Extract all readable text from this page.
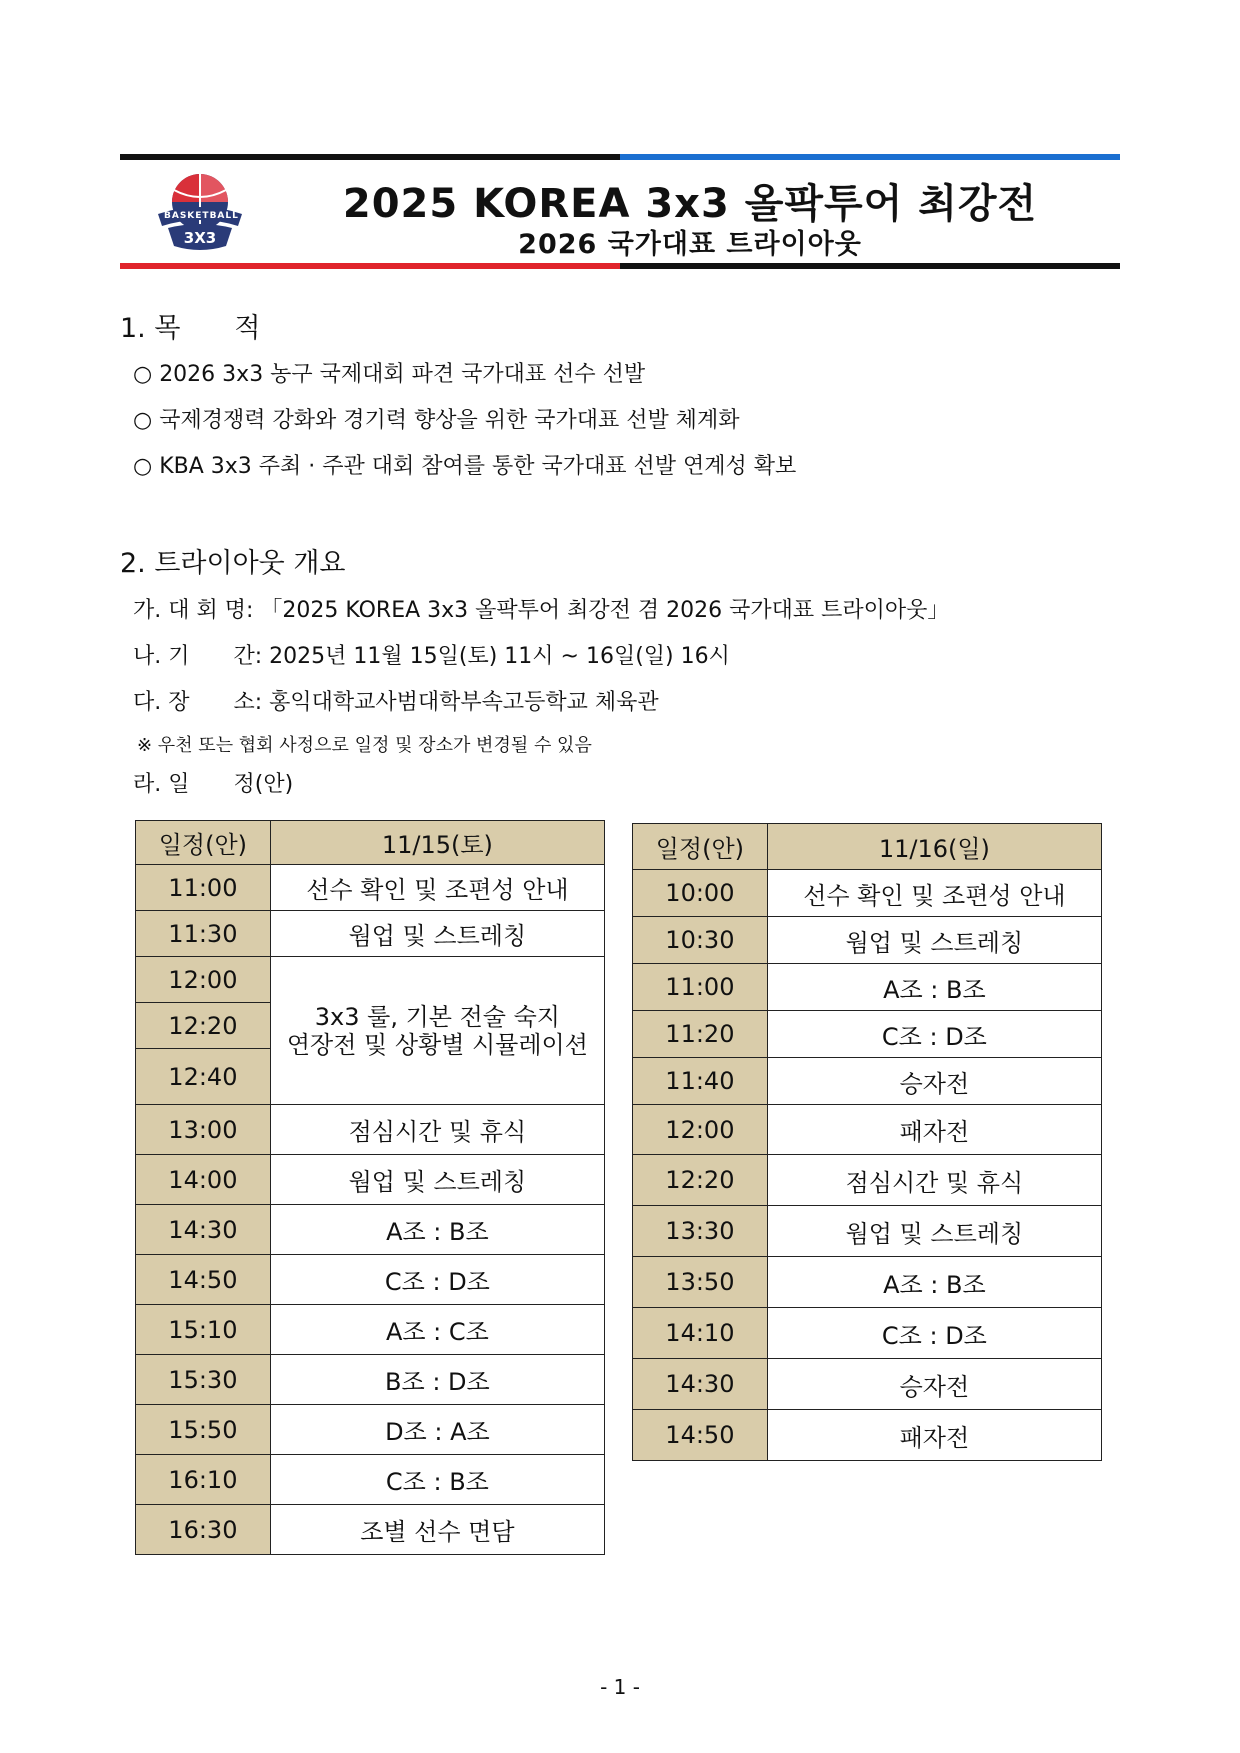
BASKETBALL
3X3
2025 KOREA 3x3 올팍투어 최강전
2026 국가대표 트라이아웃
1. 목　　적
○ 2026 3x3 농구 국제대회 파견 국가대표 선수 선발
○ 국제경쟁력 강화와 경기력 향상을 위한 국가대표 선발 체계화
○ KBA 3x3 주최 · 주관 대회 참여를 통한 국가대표 선발 연계성 확보
2. 트라이아웃 개요
가. 대 회 명: 「2025 KOREA 3x3 올팍투어 최강전 겸 2026 국가대표 트라이아웃」
나. 기　　간: 2025년 11월 15일(토) 11시 ~ 16일(일) 16시
다. 장　　소: 홍익대학교사범대학부속고등학교 체육관
※ 우천 또는 협회 사정으로 일정 및 장소가 변경될 수 있음
라. 일　　정(안)
일정(안)	11/15(토)
11:00	선수 확인 및 조편성 안내
11:30	웜업 및 스트레칭
12:00	3x3 룰, 기본 전술 숙지
연장전 및 상황별 시뮬레이션

12:20	
12:40	
13:00	점심시간 및 휴식
14:00	웜업 및 스트레칭
14:30	A조 : B조
14:50	C조 : D조
15:10	A조 : C조
15:30	B조 : D조
15:50	D조 : A조
16:10	C조 : B조
16:30	조별 선수 면담
일정(안)	11/16(일)
10:00	선수 확인 및 조편성 안내
10:30	웜업 및 스트레칭
11:00	A조 : B조
11:20	C조 : D조
11:40	승자전
12:00	패자전
12:20	점심시간 및 휴식
13:30	웜업 및 스트레칭
13:50	A조 : B조
14:10	C조 : D조
14:30	승자전
14:50	패자전
- 1 -
